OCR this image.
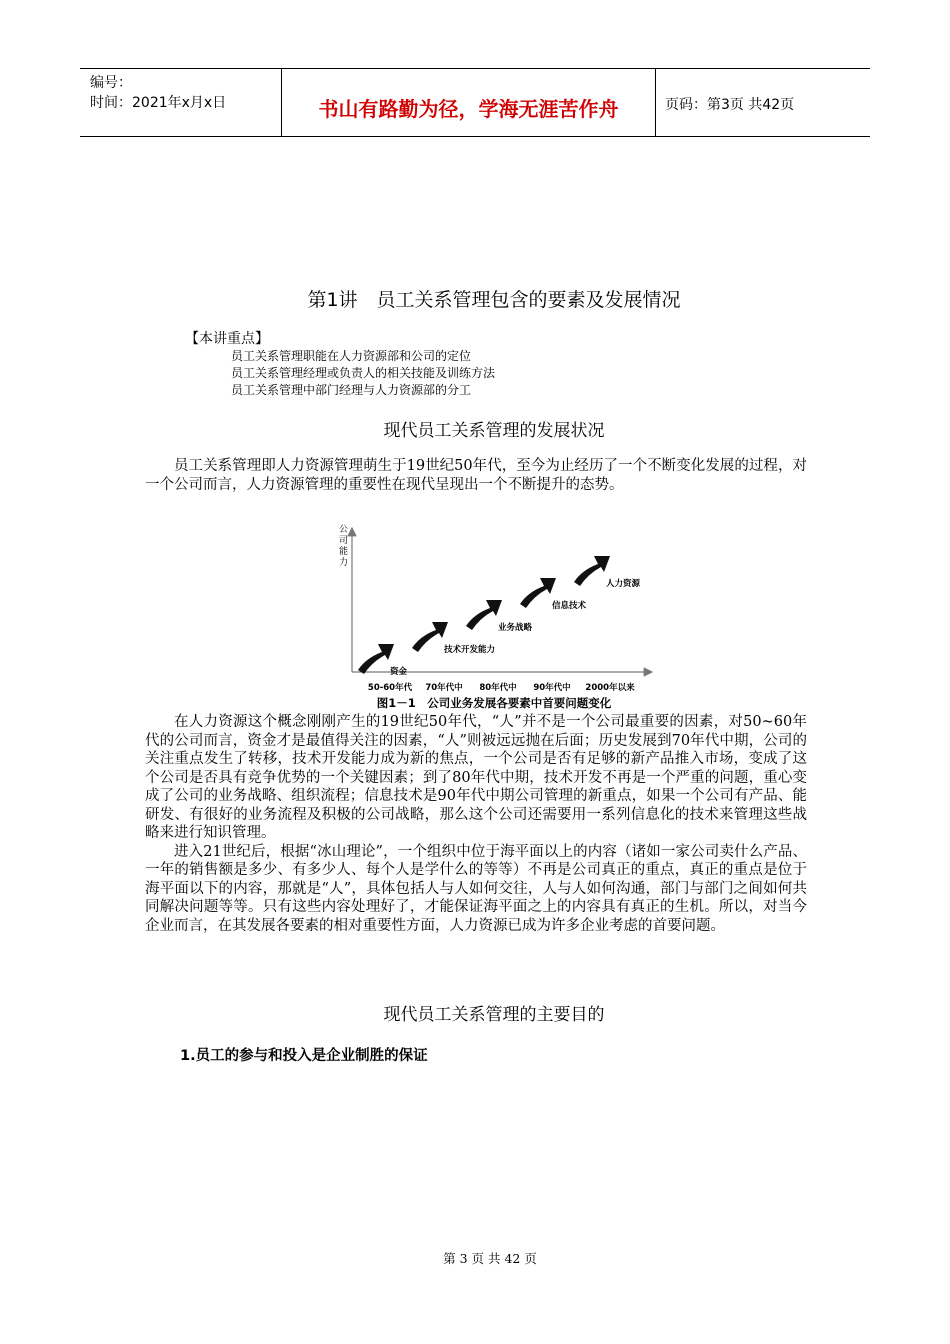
编号：
时间：2021年x月x日	书山有路勤为径，学海无涯苦作舟	页码：第3页 共42页
第1讲　员工关系管理包含的要素及发展情况
【本讲重点】
员工关系管理职能在人力资源部和公司的定位
员工关系管理经理或负责人的相关技能及训练方法
员工关系管理中部门经理与人力资源部的分工
现代员工关系管理的发展状况

员工关系管理即人力资源管理萌生于19世纪50年代，至今为止经历了一个不断变化发展的过程，对一个公司而言，人力资源管理的重要性在现代呈现出一个不断提升的态势。

公司能力
资金
技术开发能力
业务战略
信息技术
人力资源
50-60年代 70年代中 80年代中 90年代中 2000年以来
图1－1　公司业务发展各要素中首要问题变化

在人力资源这个概念刚刚产生的19世纪50年代，“人”并不是一个公司最重要的因素，对50~60年代的公司而言，资金才是最值得关注的因素，“人”则被远远抛在后面；历史发展到70年代中期，公司的关注重点发生了转移，技术开发能力成为新的焦点，一个公司是否有足够的新产品推入市场，变成了这个公司是否具有竞争优势的一个关键因素；到了80年代中期，技术开发不再是一个严重的问题，重心变成了公司的业务战略、组织流程；信息技术是90年代中期公司管理的新重点，如果一个公司有产品、能研发、有很好的业务流程及积极的公司战略，那么这个公司还需要用一系列信息化的技术来管理这些战略来进行知识管理。

进入21世纪后，根据“冰山理论”，一个组织中位于海平面以上的内容（诸如一家公司卖什么产品、一年的销售额是多少、有多少人、每个人是学什么的等等）不再是公司真正的重点，真正的重点是位于海平面以下的内容，那就是“人”，具体包括人与人如何交往，人与人如何沟通，部门与部门之间如何共同解决问题等等。只有这些内容处理好了，才能保证海平面之上的内容具有真正的生机。所以，对当今企业而言，在其发展各要素的相对重要性方面，人力资源已成为许多企业考虑的首要问题。

现代员工关系管理的主要目的
1.员工的参与和投入是企业制胜的保证
第 3 页 共 42 页
